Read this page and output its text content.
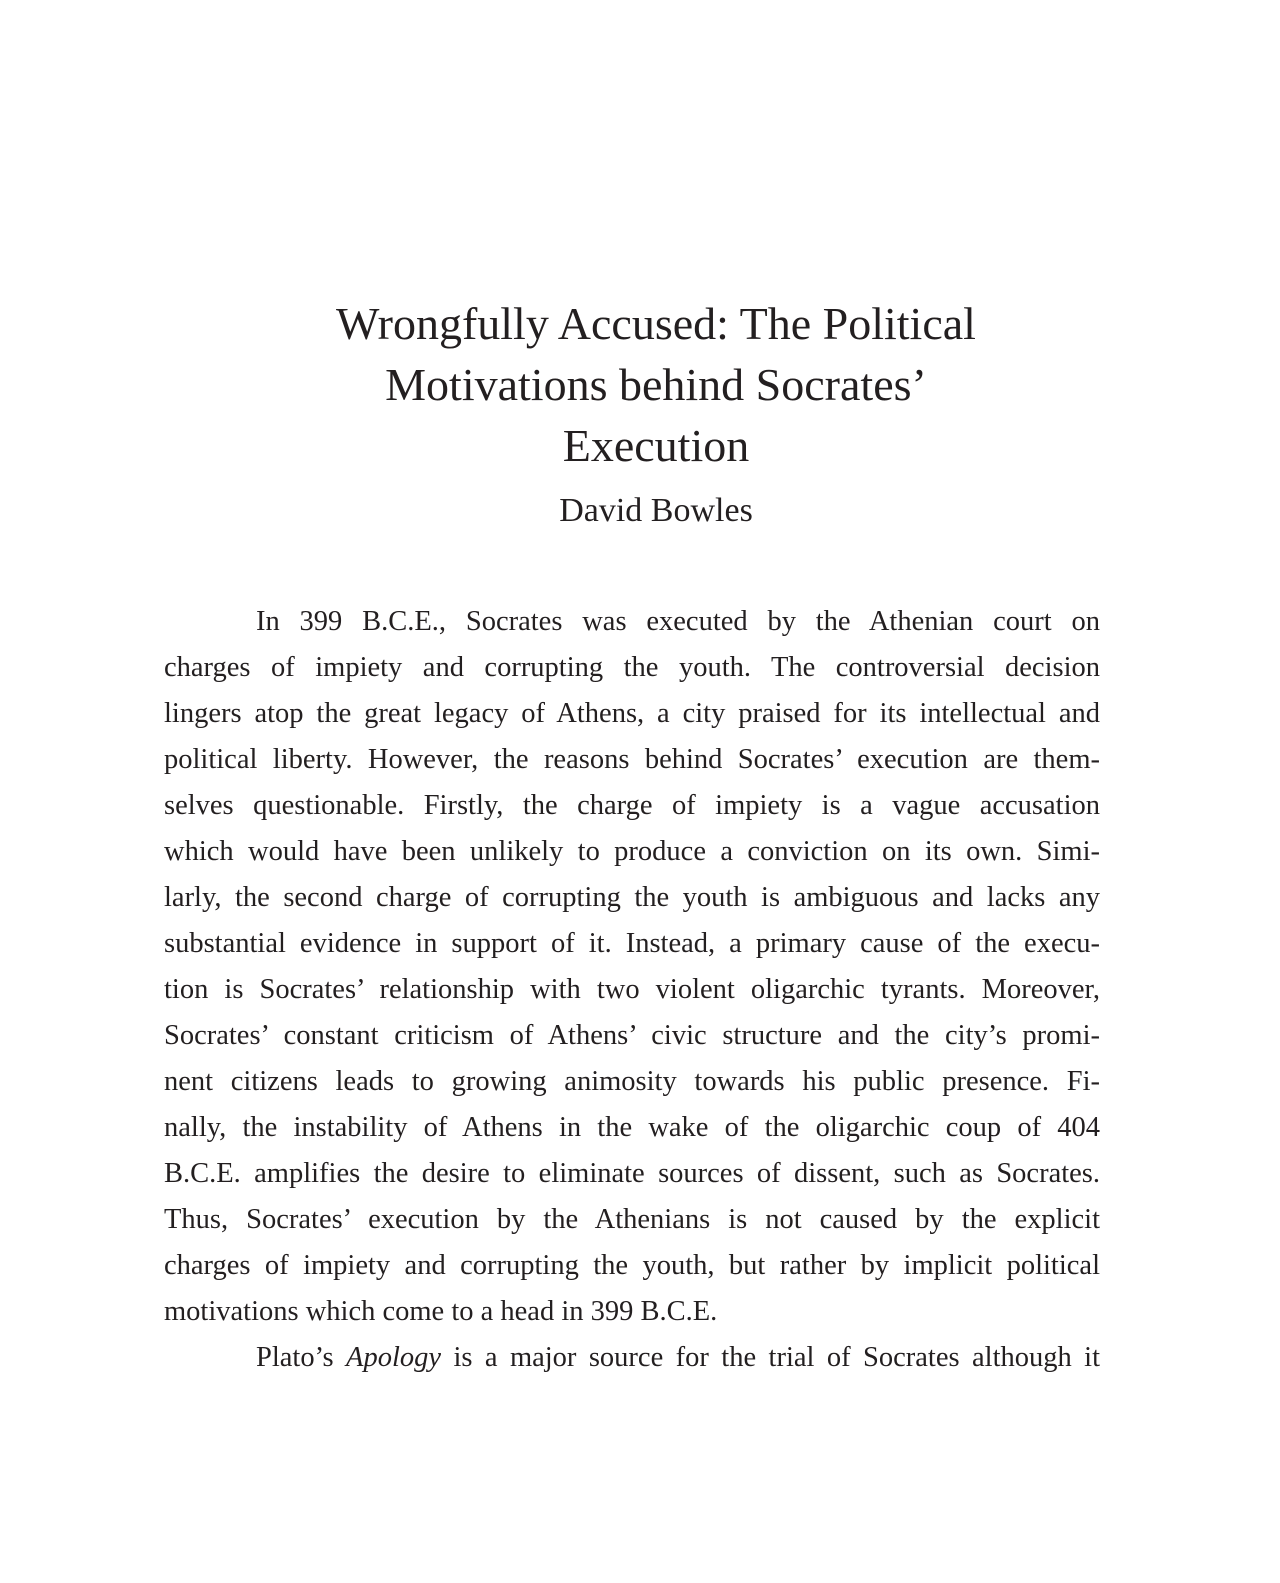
Wrongfully Accused: The Political
Motivations behind Socrates’
Execution

David Bowles

In 399 B.C.E., Socrates was executed by the Athenian court on
charges of impiety and corrupting the youth. The controversial decision
lingers atop the great legacy of Athens, a city praised for its intellectual and
political liberty. However, the reasons behind Socrates’ execution are them-
selves questionable. Firstly, the charge of impiety is a vague accusation
which would have been unlikely to produce a conviction on its own. Simi-
larly, the second charge of corrupting the youth is ambiguous and lacks any
substantial evidence in support of it. Instead, a primary cause of the execu-
tion is Socrates’ relationship with two violent oligarchic tyrants. Moreover,
Socrates’ constant criticism of Athens’ civic structure and the city’s promi-
nent citizens leads to growing animosity towards his public presence. Fi-
nally, the instability of Athens in the wake of the oligarchic coup of 404
B.C.E. amplifies the desire to eliminate sources of dissent, such as Socrates.
Thus, Socrates’ execution by the Athenians is not caused by the explicit
charges of impiety and corrupting the youth, but rather by implicit political
motivations which come to a head in 399 B.C.E.
Plato’s Apology is a major source for the trial of Socrates although it
